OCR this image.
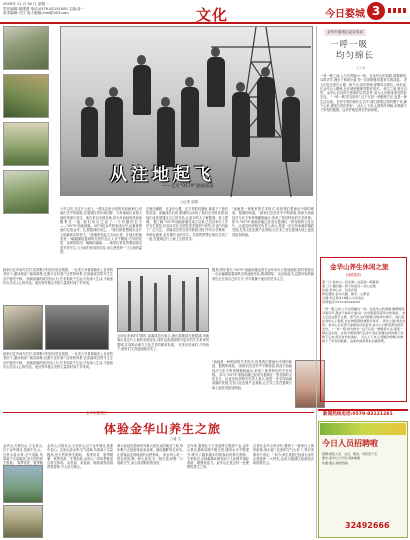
2009年 11 月 30 日 星期一
责任编辑:胡建国 电话:0579-82151000 主编:詹一
美术编辑:吕江 电子邮箱:jhrb@163.com	文化	今日婺城 3
从注地起飞
——走近"0579"油画部落
○记者 周原
六年以后,在这片土地上,一群从这里出发的年轻画家们,用他们手中的画笔,在婺城区的乡间田野、古村落间记录着大地的美丽与变迁。他们来自全国各地,因为对油画的热爱而聚集在一起,他们给自己起了一个有趣的名字——"0579"油画部落。0579是金华的电话区号,也寓意着他们扎根金华、扎根婺城的决心。 "我们就是想画出这片土地最真实的样子。"部落的发起人告诉记者。在他们的画室里,一幅幅描绘婺城风光的作品让人目不暇接:古朴的民居、金黄的稻田、蜿蜒的溪流…… 画家们常常背着画架走进乡村写生,与当地村民同吃同住,用心感受每一寸土地的温度。
在鹿田湖畔、在金华山麓、在古老的村落里,都留下了他们的足迹。部落成员们说,婺城的山水给了他们无尽的灵感,而他们也希望通过自己的作品,让更多的人了解婺城、爱上婺城。 据了解,"0579"油画部落自成立以来,已先后举办了多次写生展览,作品多次在全国性美术展览中获奖,在业内引起了广泛关注。 部落成员来自美术院校,他们中有大学教师、有职业画家,也有刚毕业的学生。共同的梦想让他们走到了一起,在婺城这片土地上生根发芽。
"油画是一种舶来的艺术形式,但是我们要画出中国的味道、婺城的味道。"画家们在创作中不断探索,将西方油画技法与东方审美情趣相融合,形成了独具特色的艺术风格。 如今,"0579"油画部落已经成为婺城区一张亮丽的文化名片。区委宣传部相关负责人表示,将进一步支持油画部落的发展,打造文化创意产业基地,让艺术之花在婺城大地上绽放得更加绚丽。
画家们在乡间写生时,常常吸引村民们驻足观看。一位老大爷看着画布上自家的老房子,激动地说:"画得真像,比照片还好看!"这样的场景,在部落成员的写生生活中屡见不鲜。 油画部落的成员们认为,艺术来源于生活,只有深入生活,才能创作出打动人心的作品。他们每年都会安排大量的时间下乡采风。
画家们在乡间写生时,常常吸引村民们驻足观看。一位老大爷看着画布上自家的老房子,激动地说:"画得真像,比照片还好看!"这样的场景,在部落成员的写生生活中屡见不鲜。 油画部落的成员们认为,艺术来源于生活,只有深入生活,才能创作出打动人心的作品。他们每年都会安排大量的时间下乡采风。
当问及未来的打算时,部落成员们表示,他们将继续扎根婺城,用画笔记录这片土地的发展变化,同时也希望能吸引更多的艺术家来到婺城,共同推动地方文化艺术的繁荣发展。 在采访结束时,夕阳西下,画家们又背起画架出发了。
据悉,明年春天,"0579"油画部落还将在金华举办大型油画展,届时将展出一百余幅描绘婺城风光的油画作品,敬请期待。 从洼地起飞,这群年轻的画家们正在用自己的方式,书写着属于他们的艺术人生。
"油画是一种舶来的艺术形式,但是我们要画出中国的味道、婺城的味道。"画家们在创作中不断探索,将西方油画技法与东方审美情趣相融合,形成了独具特色的艺术风格。 如今,"0579"油画部落已经成为婺城区一张亮丽的文化名片。区委宣传部相关负责人表示,将进一步支持油画部落的发展,打造文化创意产业基地,让艺术之花在婺城大地上绽放得更加绚丽。
金华市婺城区
体验金华山养生之旅
○周 文
金华山,古称长山,又名常山,位于金华城北,是浙中名山。这里山清水秀,空气清新,负氧离子含量极高,是天然的养生胜地。 春季赏花、夏季避
金华山,古称长山,又名常山,位于金华城北,是浙中名山。这里山清水秀,空气清新,负氧离子含量极高,是天然的养生胜地。 春季赏花、夏季避暑、秋季登高、冬季泡泉,金华山一年四季都适合养生休闲。双龙洞、冰壶洞、朝真洞等溶洞景观奇特,令人叹为观止。
黄大仙祖宫是海内外黄大仙信众的朝圣之地,每年吸引大批游客前来参观。鹿田湖畔的农家乐,让游客品尝到地道的山野美味。 来金华山,吃一顿农家饭,喝一杯山泉茶,走一段古道,呼吸一口清新空气,身心得到彻底的放松。
近年来,婺城区大力发展养生旅游产业,金华山景区基础设施不断完善,服务水平不断提升,吸引了越来越多的游客前来养生度假。 专家指出,山地森林环境有助于人体调节神经系统、增强免疫力。金华山正是这样一处理想的养生之所。
记者在金华山采访时,遇到了一群来自上海的游客,他们说:"这里的空气太好了,每次来都舍不得走。" 如今,养生旅游已经成为金华山旅游的一大特色,也成为婺城区旅游经济新的增长点。
金华市婺城区委宣传部
一呼一吸
均匀绵长
○丁 叶
一呼一吸之间,人与自然融为一体。在金华山的清晨,薄雾缭绕,鸟鸣声声,漫步于林间小道,每一次呼吸都带着草木的清香。 老人们在这里打太极、练气功,动作舒缓,呼吸均匀绵长。他们说,在金华山上锻炼,比在城里锻炼效果好得多。 养生之道,贵在自然。金华山以其得天独厚的自然条件,成为人们修身养性的好去处。 "一呼一吸,均匀绵长",这不仅是一种锻炼方法,更是一种生活态度。在快节奏的现代生活中,我们需要这样的慢下来,静下心来,感受自然的美好。 从山上下来,心情格外舒畅,仿佛卸下了所有的疲惫。这或许就是养生的真谛吧。
金华山养生休闲之旅
(线路推荐)
第一日:金华山—双龙洞—冰壶洞—朝真洞
第二日:鹿田湖—黄大仙祖宫—北山古道
住宿:金华山庄、双龙宾馆
特色餐饮:金华火腿、佛手、山野菜
交通:市区乘坐18路公交车直达
咨询电话:0579-82230000
一呼一吸之间,人与自然融为一体。在金华山的清晨,薄雾缭绕,鸟鸣声声,漫步于林间小道,每一次呼吸都带着草木的清香。 老人们在这里打太极、练气功,动作舒缓,呼吸均匀绵长。他们说,在金华山上锻炼,比在城里锻炼效果好得多。 养生之道,贵在自然。金华山以其得天独厚的自然条件,成为人们修身养性的好去处。 "一呼一吸,均匀绵长",这不仅是一种锻炼方法,更是一种生活态度。在快节奏的现代生活中,我们需要这样的慢下来,静下心来,感受自然的美好。 从山上下来,心情格外舒畅,仿佛卸下了所有的疲惫。这或许就是养生的真谛吧。
新闻热线电话:0579-82121281
今日人员招聘啦
招聘:销售人员、文员、财务、司机若干名
要求:高中以上学历,身体健康
待遇:面议,提供食宿
32492666
